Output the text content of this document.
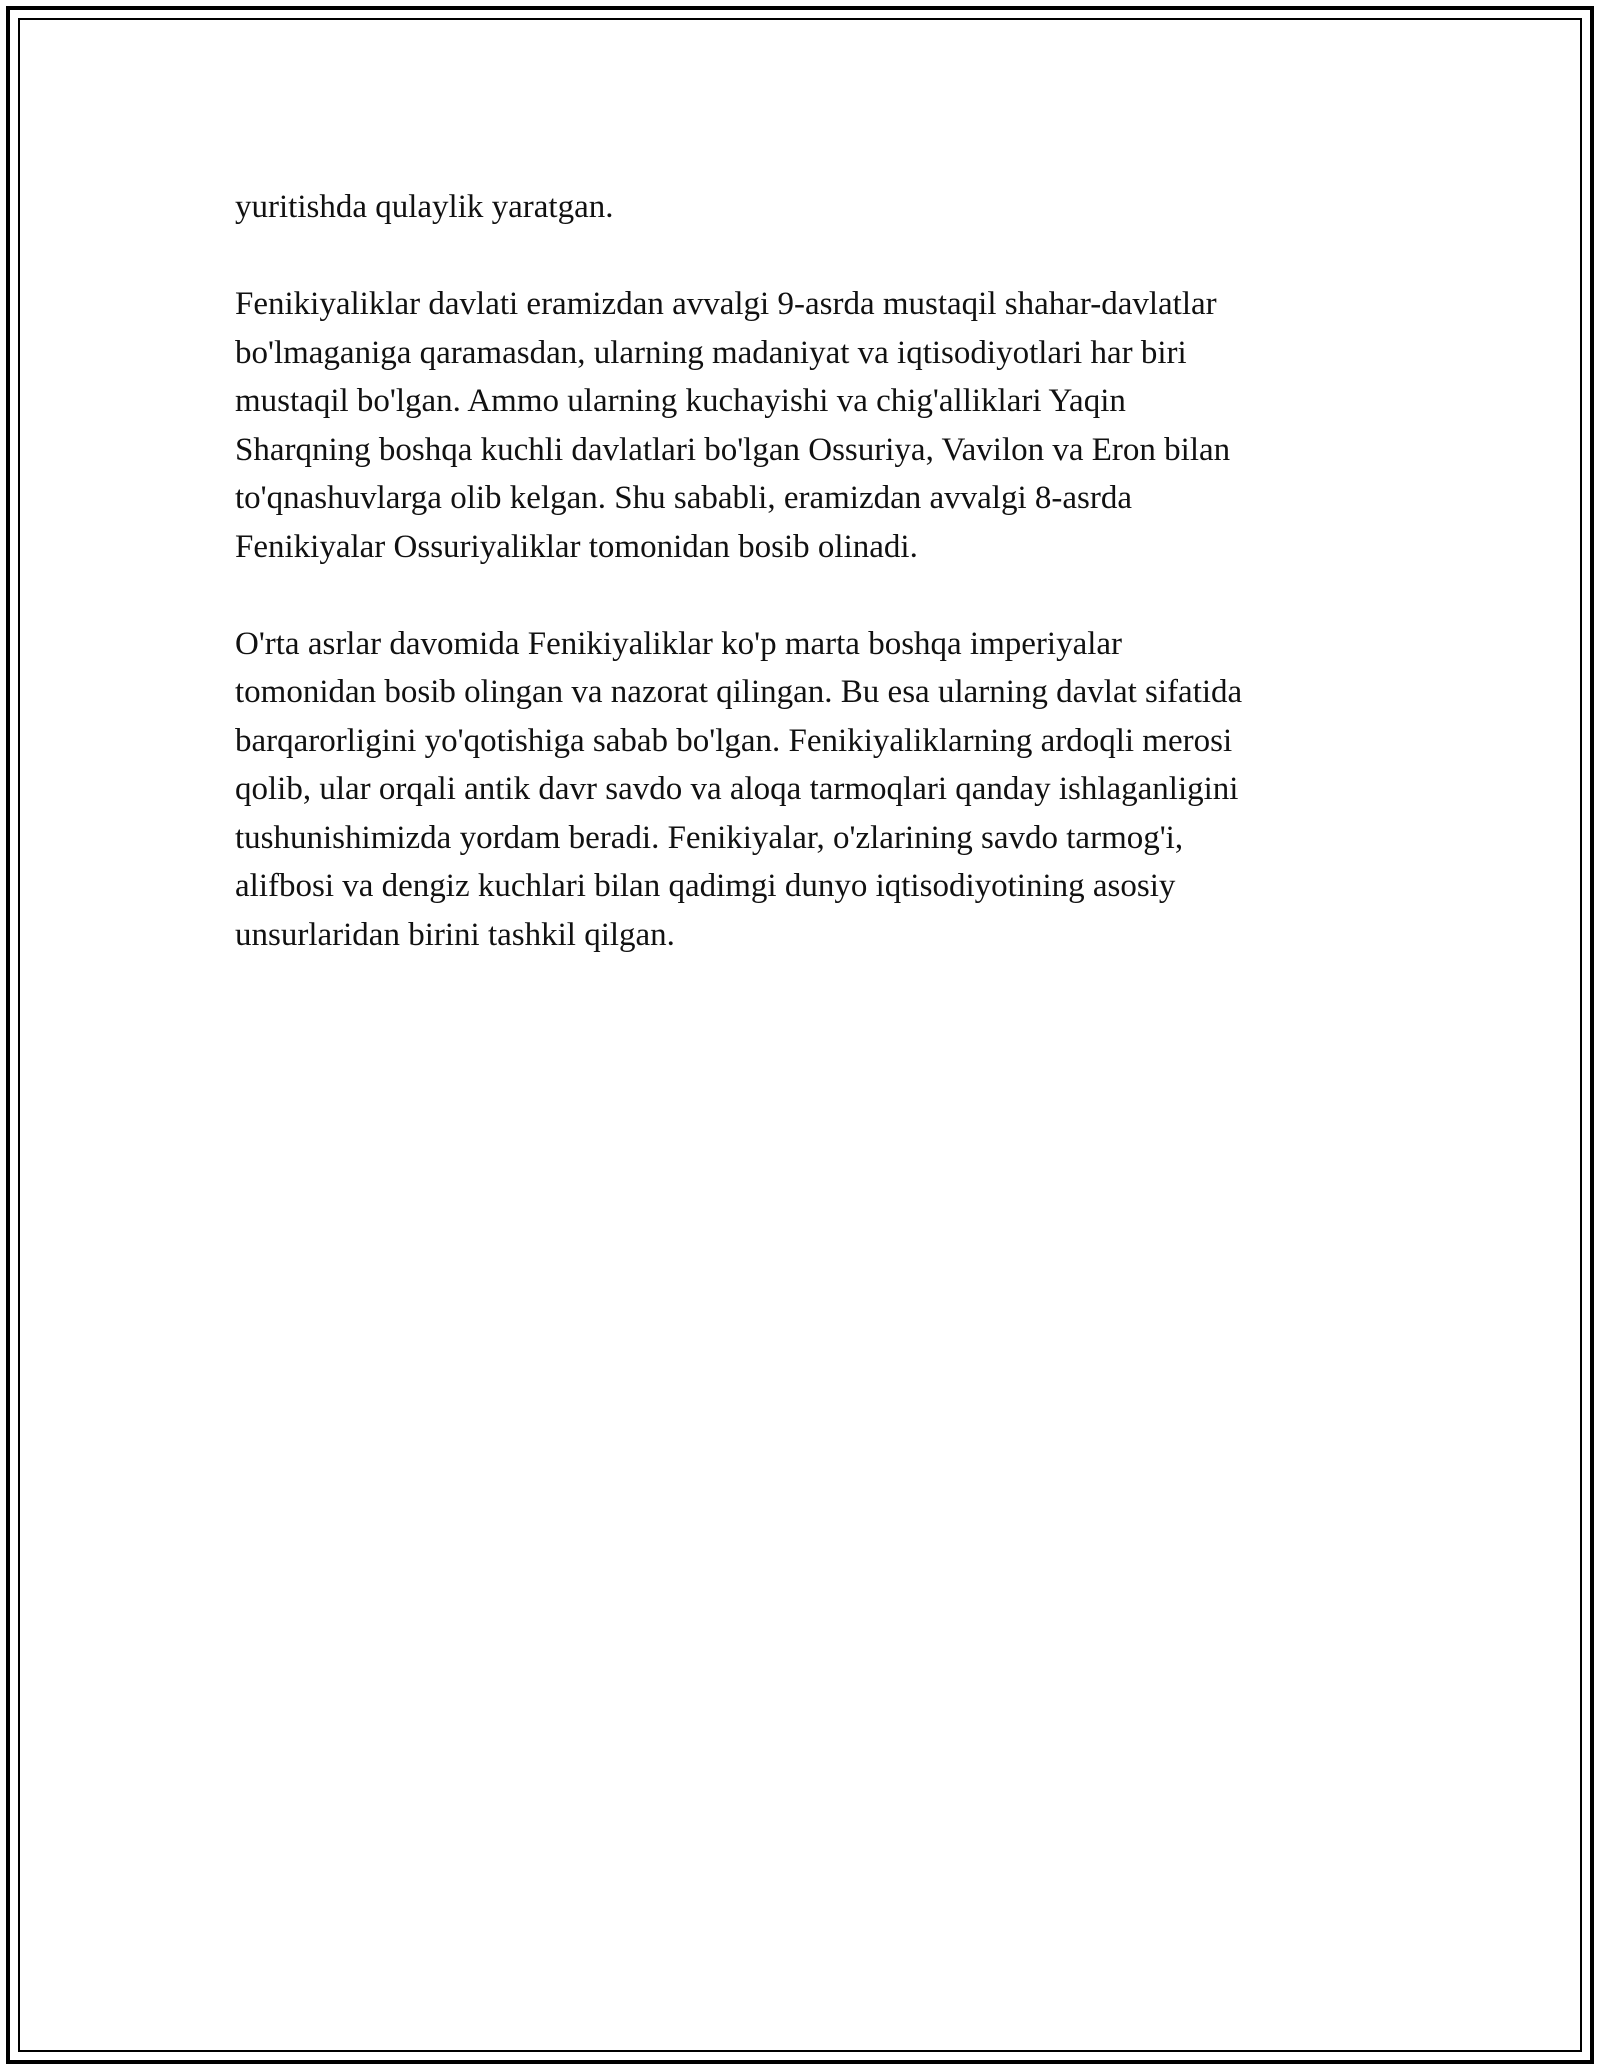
yuritishda qulaylik yaratgan.

Fenikiyaliklar davlati eramizdan avvalgi 9-asrda mustaqil shahar-davlatlar
bo'lmaganiga qaramasdan, ularning madaniyat va iqtisodiyotlari har biri
mustaqil bo'lgan. Ammo ularning kuchayishi va chig'alliklari Yaqin
Sharqning boshqa kuchli davlatlari bo'lgan Ossuriya, Vavilon va Eron bilan
to'qnashuvlarga olib kelgan. Shu sababli, eramizdan avvalgi 8-asrda
Fenikiyalar Ossuriyaliklar tomonidan bosib olinadi.

O'rta asrlar davomida Fenikiyaliklar ko'p marta boshqa imperiyalar
tomonidan bosib olingan va nazorat qilingan. Bu esa ularning davlat sifatida
barqarorligini yo'qotishiga sabab bo'lgan. Fenikiyaliklarning ardoqli merosi
qolib, ular orqali antik davr savdo va aloqa tarmoqlari qanday ishlaganligini
tushunishimizda yordam beradi. Fenikiyalar, o'zlarining savdo tarmog'i,
alifbosi va dengiz kuchlari bilan qadimgi dunyo iqtisodiyotining asosiy
unsurlaridan birini tashkil qilgan.
